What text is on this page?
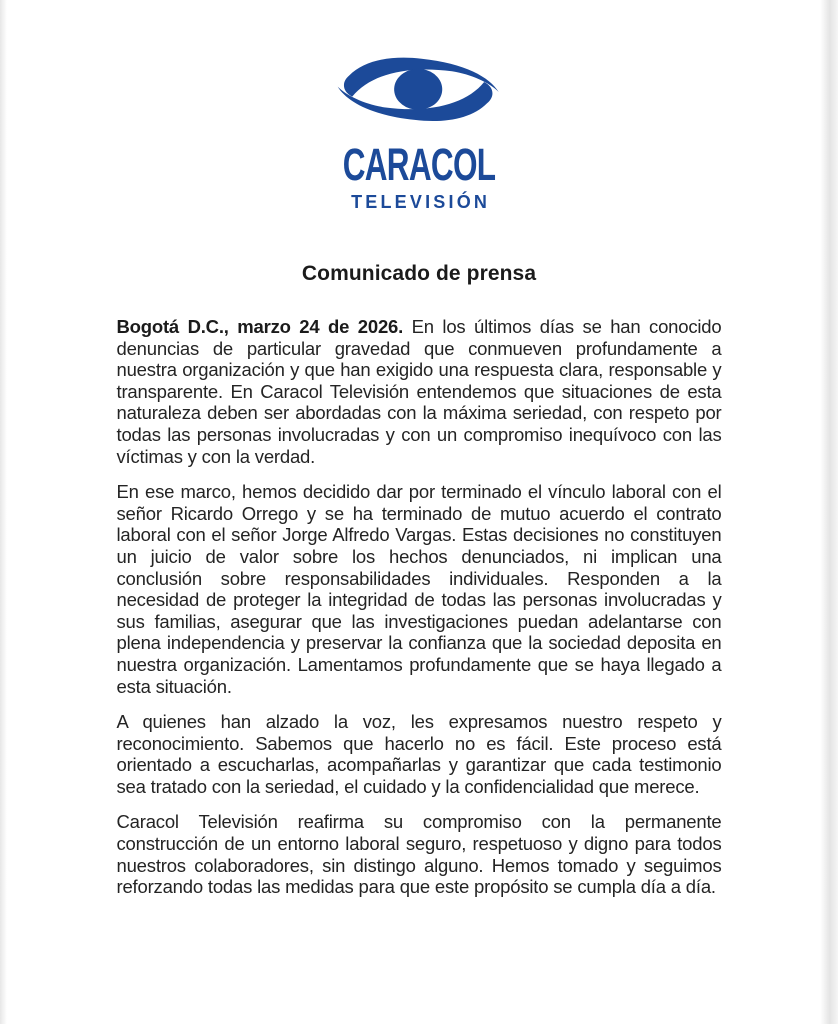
CARACOL
TELEVISIÓN
Comunicado de prensa

Bogotá D.C., marzo 24 de 2026. En los últimos días se han conocido denuncias de particular gravedad que conmueven profundamente a nuestra organización y que han exigido una respuesta clara, responsable y transparente. En Caracol Televisión entendemos que situaciones de esta naturaleza deben ser abordadas con la máxima seriedad, con respeto por todas las personas involucradas y con un compromiso inequívoco con las víctimas y con la verdad.

En ese marco, hemos decidido dar por terminado el vínculo laboral con el señor Ricardo Orrego y se ha terminado de mutuo acuerdo el contrato laboral con el señor Jorge Alfredo Vargas. Estas decisiones no constituyen un juicio de valor sobre los hechos denunciados, ni implican una conclusión sobre responsabilidades individuales. Responden a la necesidad de proteger la integridad de todas las personas involucradas y sus familias, asegurar que las investigaciones puedan adelantarse con plena independencia y preservar la confianza que la sociedad deposita en nuestra organización. Lamentamos profundamente que se haya llegado a esta situación.

A quienes han alzado la voz, les expresamos nuestro respeto y reconocimiento. Sabemos que hacerlo no es fácil. Este proceso está orientado a escucharlas, acompañarlas y garantizar que cada testimonio sea tratado con la seriedad, el cuidado y la confidencialidad que merece.

Caracol Televisión reafirma su compromiso con la permanente construcción de un entorno laboral seguro, respetuoso y digno para todos nuestros colaboradores, sin distingo alguno. Hemos tomado y seguimos reforzando todas las medidas para que este propósito se cumpla día a día.
